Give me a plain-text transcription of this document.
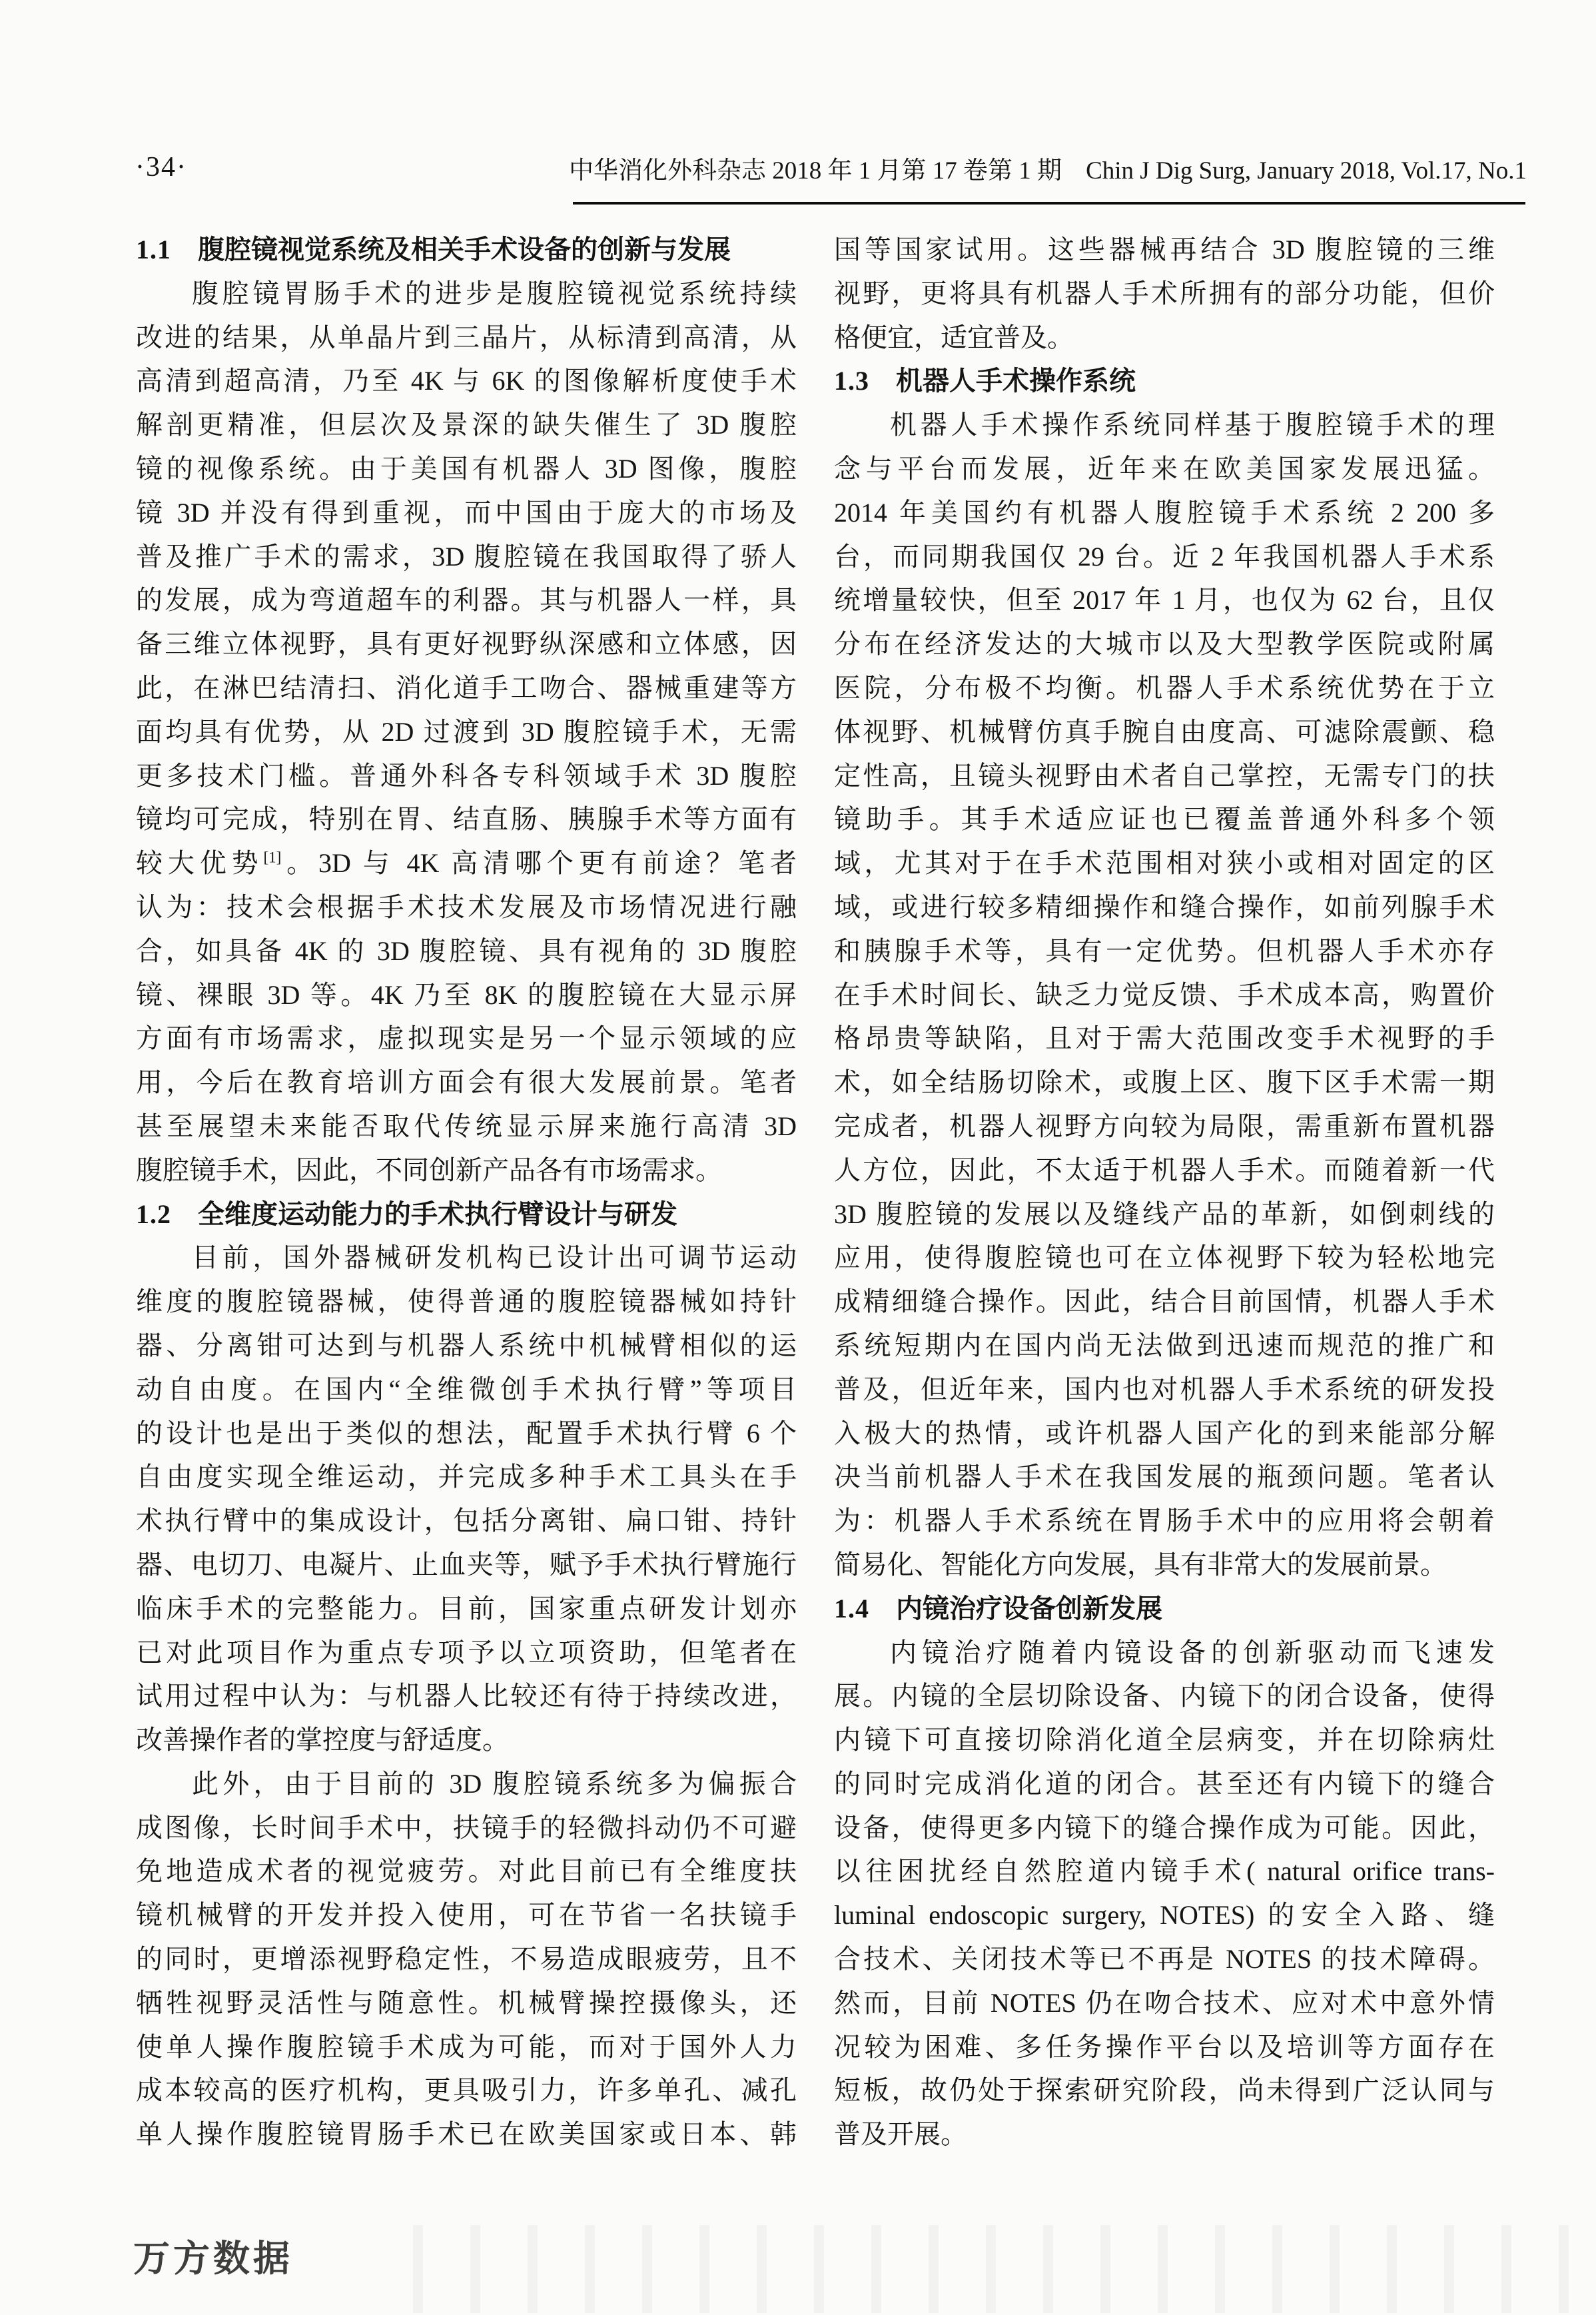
·34·	中华消化外科杂志 2018 年 1 月第 17 卷第 1 期 Chin J Dig Surg, January 2018, Vol.17, No.1
1.1 腹腔镜视觉系统及相关手术设备的创新与发展
腹腔镜胃肠手术的进步是腹腔镜视觉系统持续
改进的结果，从单晶片到三晶片，从标清到高清，从
高清到超高清，乃至 4K 与 6K 的图像解析度使手术
解剖更精准，但层次及景深的缺失催生了 3D 腹腔
镜的视像系统。由于美国有机器人 3D 图像，腹腔
镜 3D 并没有得到重视，而中国由于庞大的市场及
普及推广手术的需求，3D 腹腔镜在我国取得了骄人
的发展，成为弯道超车的利器。其与机器人一样，具
备三维立体视野，具有更好视野纵深感和立体感，因
此，在淋巴结清扫、消化道手工吻合、器械重建等方
面均具有优势，从 2D 过渡到 3D 腹腔镜手术，无需
更多技术门槛。普通外科各专科领域手术 3D 腹腔
镜均可完成，特别在胃、结直肠、胰腺手术等方面有
较大优势[1]。3D 与 4K 高清哪个更有前途？笔者
认为：技术会根据手术技术发展及市场情况进行融
合，如具备 4K 的 3D 腹腔镜、具有视角的 3D 腹腔
镜、裸眼 3D 等。4K 乃至 8K 的腹腔镜在大显示屏
方面有市场需求，虚拟现实是另一个显示领域的应
用，今后在教育培训方面会有很大发展前景。笔者
甚至展望未来能否取代传统显示屏来施行高清 3D
腹腔镜手术，因此，不同创新产品各有市场需求。
1.2 全维度运动能力的手术执行臂设计与研发
目前，国外器械研发机构已设计出可调节运动
维度的腹腔镜器械，使得普通的腹腔镜器械如持针
器、分离钳可达到与机器人系统中机械臂相似的运
动自由度。在国内“全维微创手术执行臂”等项目
的设计也是出于类似的想法，配置手术执行臂 6 个
自由度实现全维运动，并完成多种手术工具头在手
术执行臂中的集成设计，包括分离钳、扁口钳、持针
器、电切刀、电凝片、止血夹等，赋予手术执行臂施行
临床手术的完整能力。目前，国家重点研发计划亦
已对此项目作为重点专项予以立项资助，但笔者在
试用过程中认为：与机器人比较还有待于持续改进，
改善操作者的掌控度与舒适度。
此外，由于目前的 3D 腹腔镜系统多为偏振合
成图像，长时间手术中，扶镜手的轻微抖动仍不可避
免地造成术者的视觉疲劳。对此目前已有全维度扶
镜机械臂的开发并投入使用，可在节省一名扶镜手
的同时，更增添视野稳定性，不易造成眼疲劳，且不
牺牲视野灵活性与随意性。机械臂操控摄像头，还
使单人操作腹腔镜手术成为可能，而对于国外人力
成本较高的医疗机构，更具吸引力，许多单孔、减孔
单人操作腹腔镜胃肠手术已在欧美国家或日本、韩
国等国家试用。这些器械再结合 3D 腹腔镜的三维
视野，更将具有机器人手术所拥有的部分功能，但价
格便宜，适宜普及。
1.3 机器人手术操作系统
机器人手术操作系统同样基于腹腔镜手术的理
念与平台而发展，近年来在欧美国家发展迅猛。
2014 年美国约有机器人腹腔镜手术系统 2 200 多
台，而同期我国仅 29 台。近 2 年我国机器人手术系
统增量较快，但至 2017 年 1 月，也仅为 62 台，且仅
分布在经济发达的大城市以及大型教学医院或附属
医院，分布极不均衡。机器人手术系统优势在于立
体视野、机械臂仿真手腕自由度高、可滤除震颤、稳
定性高，且镜头视野由术者自己掌控，无需专门的扶
镜助手。其手术适应证也已覆盖普通外科多个领
域，尤其对于在手术范围相对狭小或相对固定的区
域，或进行较多精细操作和缝合操作，如前列腺手术
和胰腺手术等，具有一定优势。但机器人手术亦存
在手术时间长、缺乏力觉反馈、手术成本高，购置价
格昂贵等缺陷，且对于需大范围改变手术视野的手
术，如全结肠切除术，或腹上区、腹下区手术需一期
完成者，机器人视野方向较为局限，需重新布置机器
人方位，因此，不太适于机器人手术。而随着新一代
3D 腹腔镜的发展以及缝线产品的革新，如倒刺线的
应用，使得腹腔镜也可在立体视野下较为轻松地完
成精细缝合操作。因此，结合目前国情，机器人手术
系统短期内在国内尚无法做到迅速而规范的推广和
普及，但近年来，国内也对机器人手术系统的研发投
入极大的热情，或许机器人国产化的到来能部分解
决当前机器人手术在我国发展的瓶颈问题。笔者认
为：机器人手术系统在胃肠手术中的应用将会朝着
简易化、智能化方向发展，具有非常大的发展前景。
1.4 内镜治疗设备创新发展
内镜治疗随着内镜设备的创新驱动而飞速发
展。内镜的全层切除设备、内镜下的闭合设备，使得
内镜下可直接切除消化道全层病变，并在切除病灶
的同时完成消化道的闭合。甚至还有内镜下的缝合
设备，使得更多内镜下的缝合操作成为可能。因此，
以往困扰经自然腔道内镜手术( natural orifice trans-
luminal endoscopic surgery, NOTES) 的安全入路、缝
合技术、关闭技术等已不再是 NOTES 的技术障碍。
然而，目前 NOTES 仍在吻合技术、应对术中意外情
况较为困难、多任务操作平台以及培训等方面存在
短板，故仍处于探索研究阶段，尚未得到广泛认同与
普及开展。
万方数据
